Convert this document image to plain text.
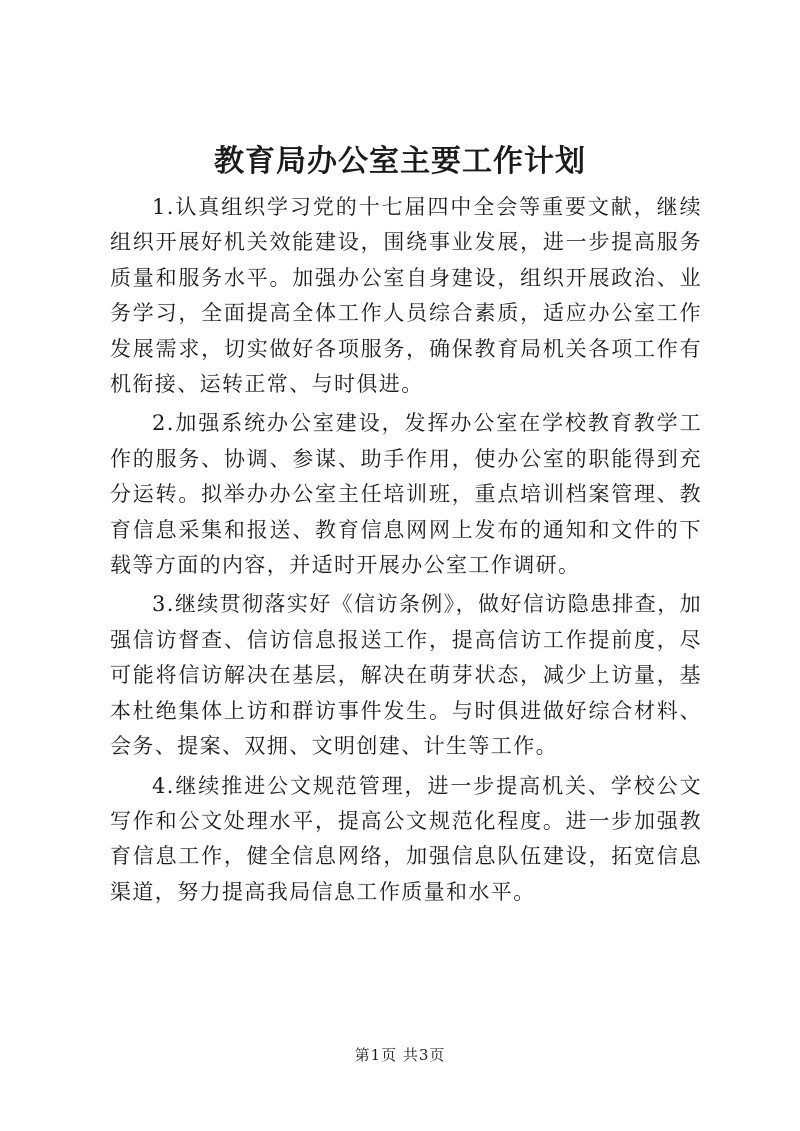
教育局办公室主要工作计划

1.认真组织学习党的十七届四中全会等重要文献，继续组织开展好机关效能建设，围绕事业发展，进一步提高服务质量和服务水平。加强办公室自身建设，组织开展政治、业务学习，全面提高全体工作人员综合素质，适应办公室工作发展需求，切实做好各项服务，确保教育局机关各项工作有机衔接、运转正常、与时俱进。

2.加强系统办公室建设，发挥办公室在学校教育教学工作的服务、协调、参谋、助手作用，使办公室的职能得到充分运转。拟举办办公室主任培训班，重点培训档案管理、教育信息采集和报送、教育信息网网上发布的通知和文件的下载等方面的内容，并适时开展办公室工作调研。

3.继续贯彻落实好《信访条例》，做好信访隐患排查，加强信访督查、信访信息报送工作，提高信访工作提前度，尽可能将信访解决在基层，解决在萌芽状态，减少上访量，基本杜绝集体上访和群访事件发生。与时俱进做好综合材料、会务、提案、双拥、文明创建、计生等工作。

4.继续推进公文规范管理，进一步提高机关、学校公文写作和公文处理水平，提高公文规范化程度。进一步加强教育信息工作，健全信息网络，加强信息队伍建设，拓宽信息渠道，努力提高我局信息工作质量和水平。

第1页 共3页
